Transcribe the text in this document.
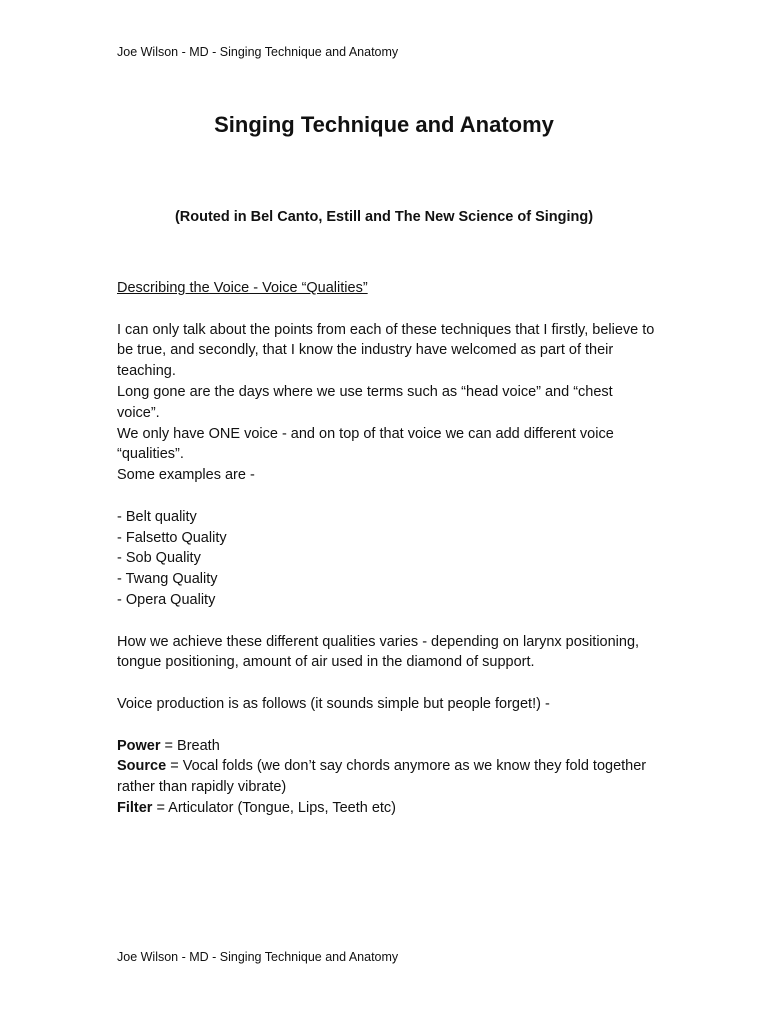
Joe Wilson - MD - Singing Technique and Anatomy
Singing Technique and Anatomy

(Routed in Bel Canto, Estill and The New Science of Singing)

Describing the Voice - Voice “Qualities”

I can only talk about the points from each of these techniques that I firstly, believe to be true, and secondly, that I know the industry have welcomed as part of their teaching.

Long gone are the days where we use terms such as “head voice” and “chest voice”.

We only have ONE voice - and on top of that voice we can add different voice “qualities”.

Some examples are -

- Belt quality
- Falsetto Quality
- Sob Quality
- Twang Quality
- Opera Quality

How we achieve these different qualities varies - depending on larynx positioning, tongue positioning, amount of air used in the diamond of support.

Voice production is as follows (it sounds simple but people forget!) -

Power = Breath

Source = Vocal folds (we don’t say chords anymore as we know they fold together rather than rapidly vibrate)

Filter = Articulator (Tongue, Lips, Teeth etc)

Joe Wilson - MD - Singing Technique and Anatomy
